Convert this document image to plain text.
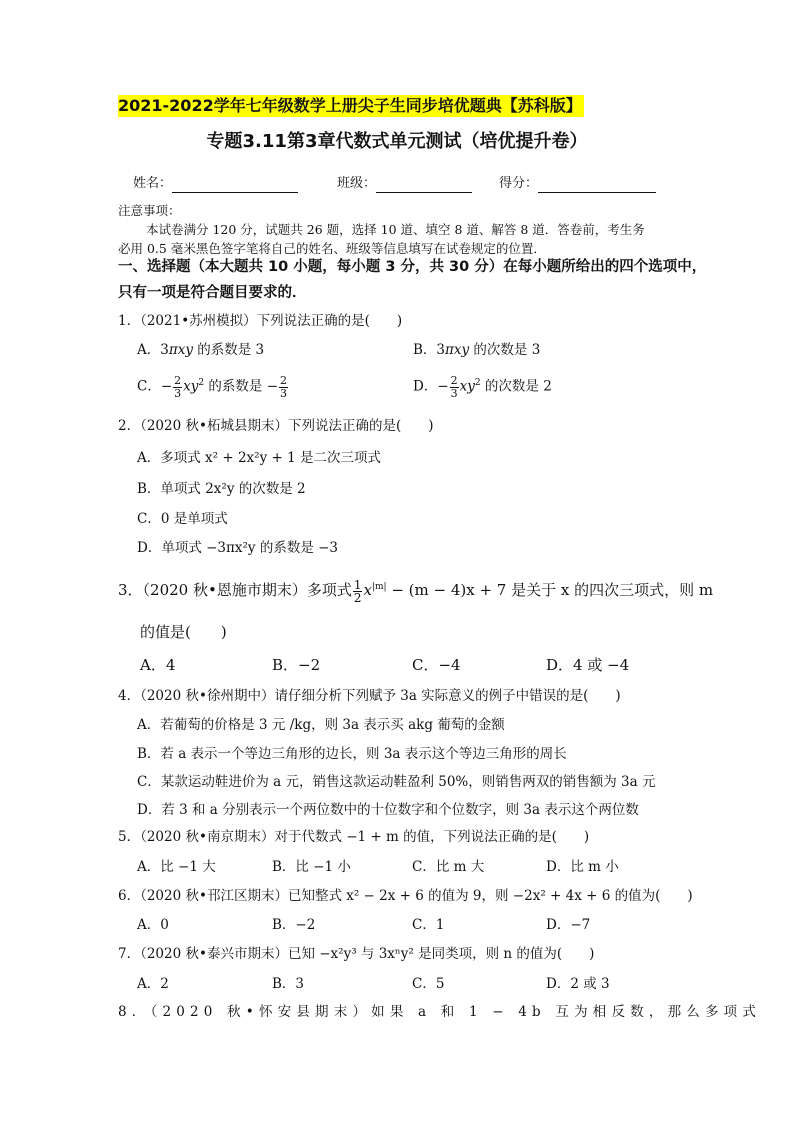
2021-2022学年七年级数学上册尖子生同步培优题典【苏科版】
专题3.11第3章代数式单元测试（培优提升卷）
姓名：	班级：	得分：
注意事项：
本试卷满分 120 分，试题共 26 题，选择 10 道、填空 8 道、解答 8 道．答卷前，考生务
必用 0.5 毫米黑色签字笔将自己的姓名、班级等信息填写在试卷规定的位置．
一、选择题（本大题共 10 小题，每小题 3 分，共 30 分）在每小题所给出的四个选项中，
只有一项是符合题目要求的．
1．（2021•苏州模拟）下列说法正确的是(　　)
A．3πxy 的系数是 3	B．3πxy 的次数是 3
C．− $\frac{2}{3} xy^2$ 的系数是 − $\frac{2}{3}$	D．− $\frac{2}{3} xy^2$ 的次数是 2
2．（2020 秋•柘城县期末）下列说法正确的是(　　)
A．多项式 x² + 2x²y + 1 是二次三项式
B．单项式 2x²y 的次数是 2
C．0 是单项式
D．单项式 −3πx²y 的系数是 −3
3．（2020 秋•恩施市期末）多项式 $\frac{1}{2} x^{|m|} - (m - 4)x + 7$ 是关于 x 的四次三项式，则 m
的值是(　　)
A．4	B．−2	C．−4	D．4 或 −4
4．（2020 秋•徐州期中）请仔细分析下列赋予 3a 实际意义的例子中错误的是(　　)
A．若葡萄的价格是 3 元 /kg，则 3a 表示买 akg 葡萄的金额
B．若 a 表示一个等边三角形的边长，则 3a 表示这个等边三角形的周长
C．某款运动鞋进价为 a 元，销售这款运动鞋盈利 50%，则销售两双的销售额为 3a 元
D．若 3 和 a 分别表示一个两位数中的十位数字和个位数字，则 3a 表示这个两位数
5．（2020 秋•南京期末）对于代数式 −1 + m 的值，下列说法正确的是(　　)
A．比 −1 大	B．比 −1 小	C．比 m 大	D．比 m 小
6．（2020 秋•邗江区期末）已知整式 x² − 2x + 6 的值为 9，则 −2x² + 4x + 6 的值为(　　)
A．0	B．−2	C．1	D．−7
7．（2020 秋•泰兴市期末）已知 −x²y³ 与 3xⁿy² 是同类项，则 n 的值为(　　)
A．2	B．3	C．5	D．2 或 3
8．（2020 秋•怀安县期末）如果 a 和 1 − 4b 互为相反数，那么多项式
